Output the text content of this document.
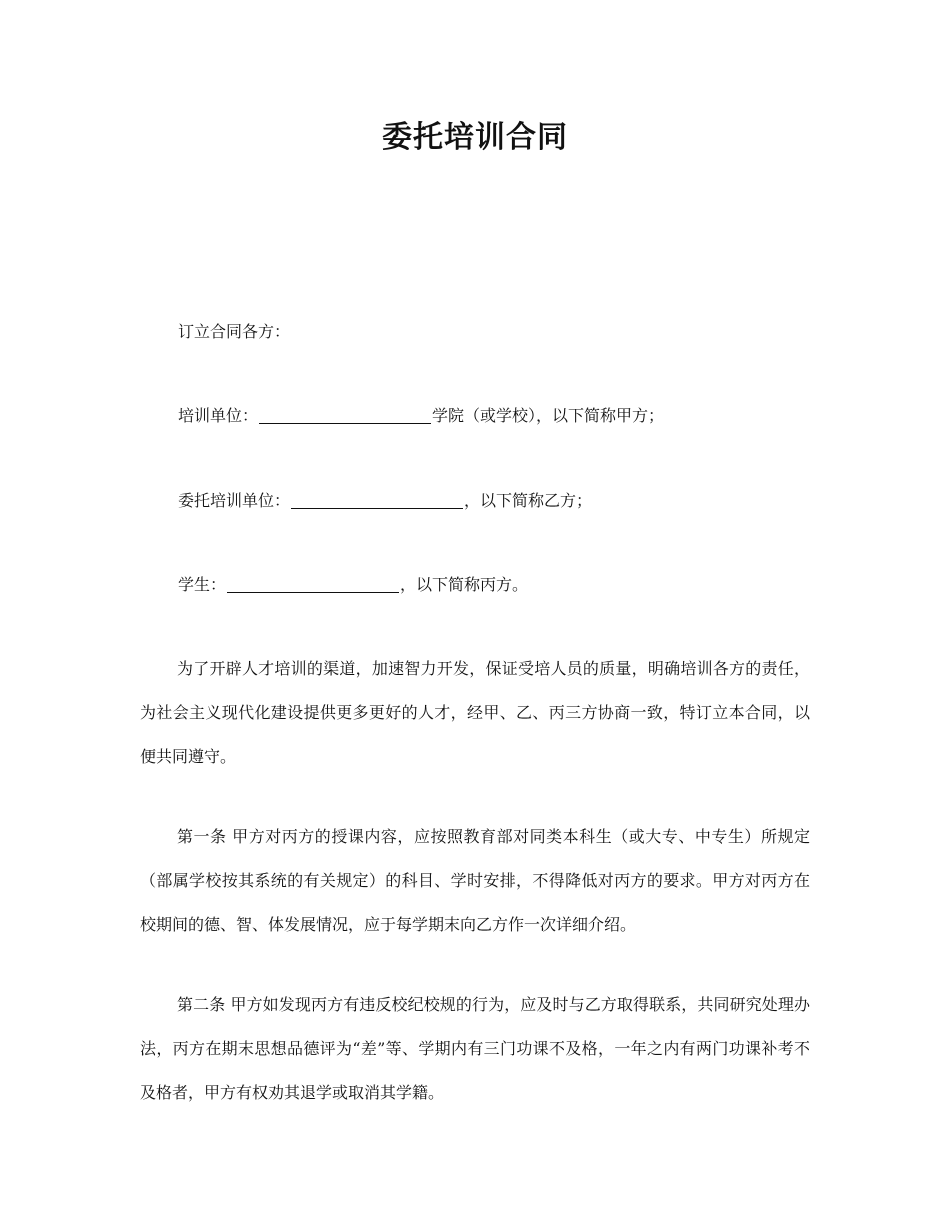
委托培训合同
订立合同各方：
培训单位：	学院（或学校），以下简称甲方；
委托培训单位：	，以下简称乙方；
学生：	，以下简称丙方。

为了开辟人才培训的渠道，加速智力开发，保证受培人员的质量，明确培训各方的责任，为社会主义现代化建设提供更多更好的人才，经甲、乙、丙三方协商一致，特订立本合同，以便共同遵守。

第一条 甲方对丙方的授课内容，应按照教育部对同类本科生（或大专、中专生）所规定（部属学校按其系统的有关规定）的科目、学时安排，不得降低对丙方的要求。甲方对丙方在校期间的德、智、体发展情况，应于每学期末向乙方作一次详细介绍。

第二条 甲方如发现丙方有违反校纪校规的行为，应及时与乙方取得联系，共同研究处理办法，丙方在期末思想品德评为“差”等、学期内有三门功课不及格，一年之内有两门功课补考不及格者，甲方有权劝其退学或取消其学籍。
